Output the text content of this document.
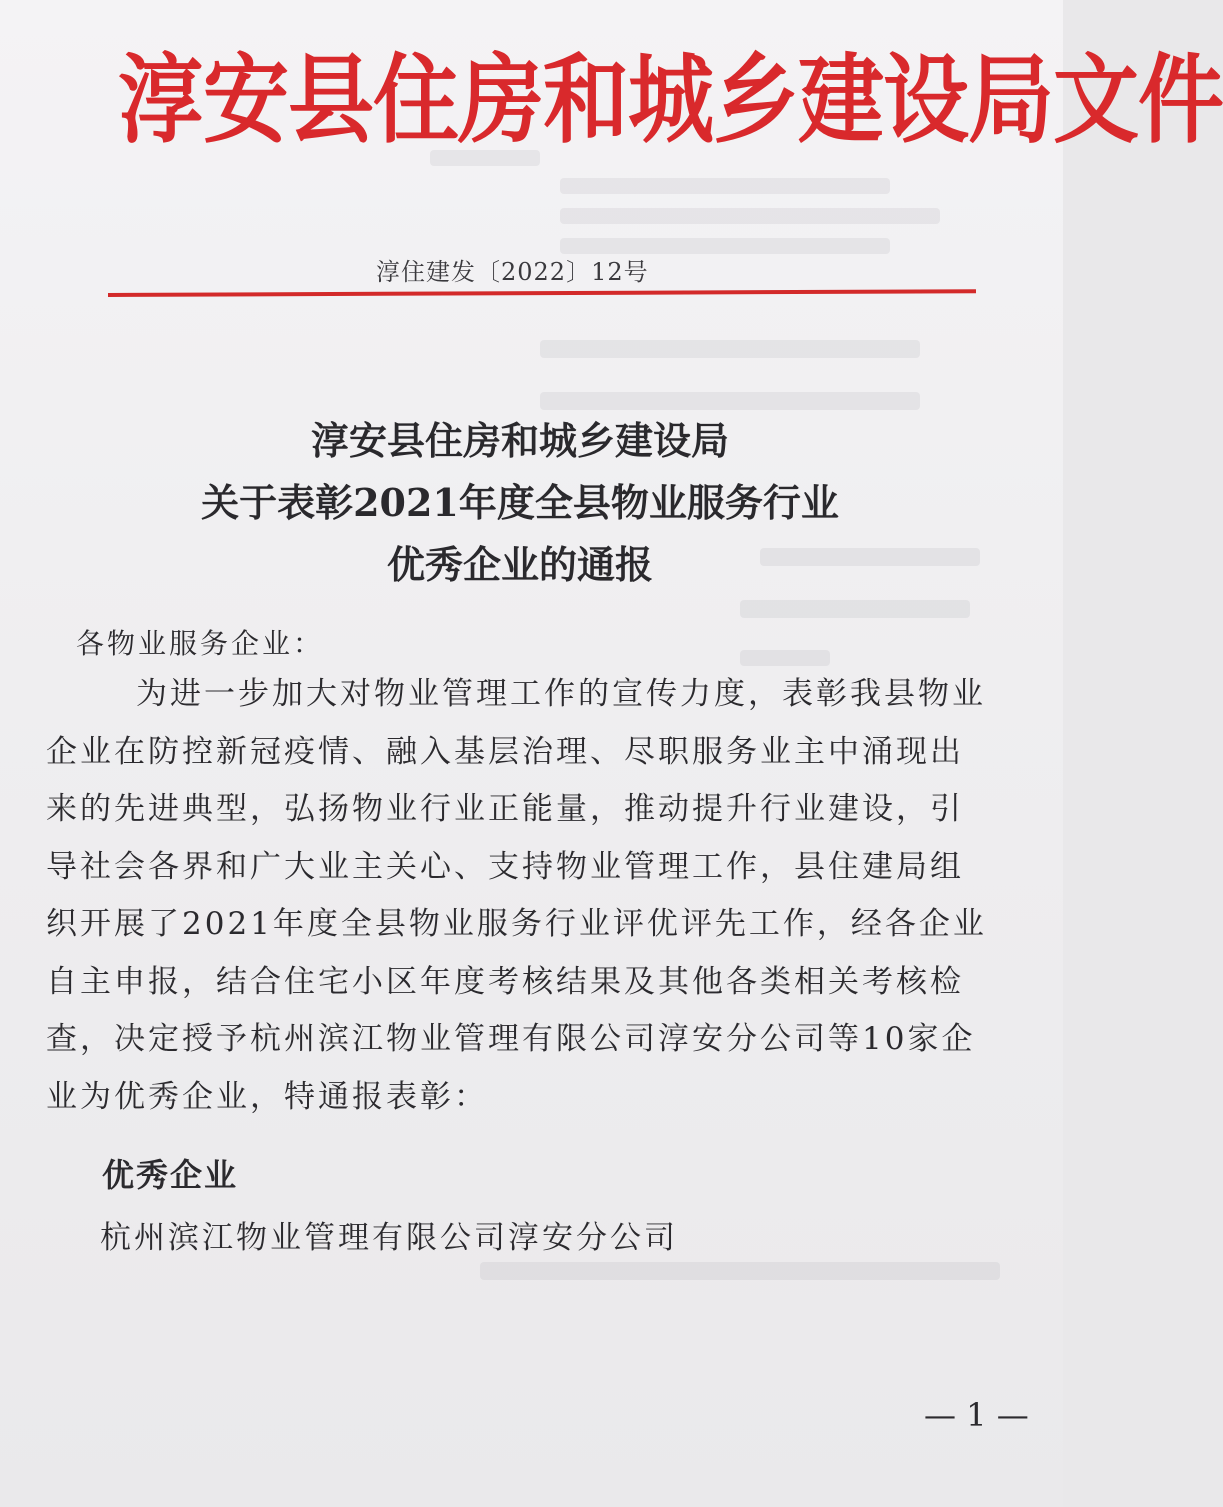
淳安县住房和城乡建设局文件
淳住建发〔2022〕12号
淳安县住房和城乡建设局
关于表彰2021年度全县物业服务行业
优秀企业的通报
各物业服务企业：
为进一步加大对物业管理工作的宣传力度，表彰我县物业
企业在防控新冠疫情、融入基层治理、尽职服务业主中涌现出
来的先进典型，弘扬物业行业正能量，推动提升行业建设，引
导社会各界和广大业主关心、支持物业管理工作，县住建局组
织开展了2021年度全县物业服务行业评优评先工作，经各企业
自主申报，结合住宅小区年度考核结果及其他各类相关考核检
查，决定授予杭州滨江物业管理有限公司淳安分公司等10家企
业为优秀企业，特通报表彰：
优秀企业
杭州滨江物业管理有限公司淳安分公司
— 1 —
